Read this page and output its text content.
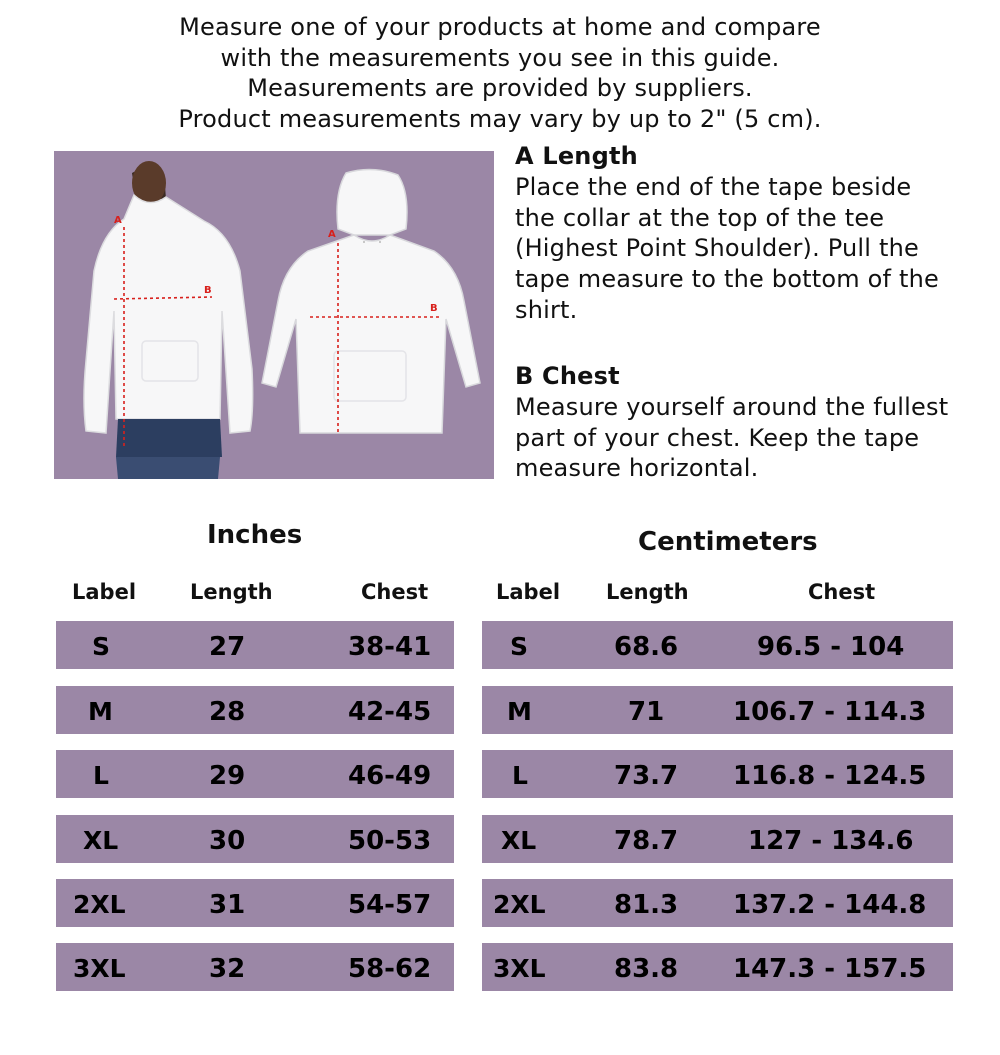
Measure one of your products at home and compare
with the measurements you see in this guide.
Measurements are provided by suppliers.
Product measurements may vary by up to 2" (5 cm).
A
B
A
B
A Length
Place the end of the tape beside
the collar at the top of the tee
(Highest Point Shoulder). Pull the
tape measure to the bottom of the
shirt.
B Chest
Measure yourself around the fullest
part of your chest. Keep the tape
measure horizontal.
Inches	Centimeters
Label	Length	Chest	Label Length	Chest
S	27	38-41
M	28	42-45
L	29	46-49
XL	30	50-53
2XL	31	54-57
3XL	32	58-62
S	68.6	96.5 - 104
M	71	106.7 - 114.3
L	73.7 116.8 - 124.5
XL	78.7	127 - 134.6
2XL	81.3 137.2 - 144.8
3XL	83.8 147.3 - 157.5
